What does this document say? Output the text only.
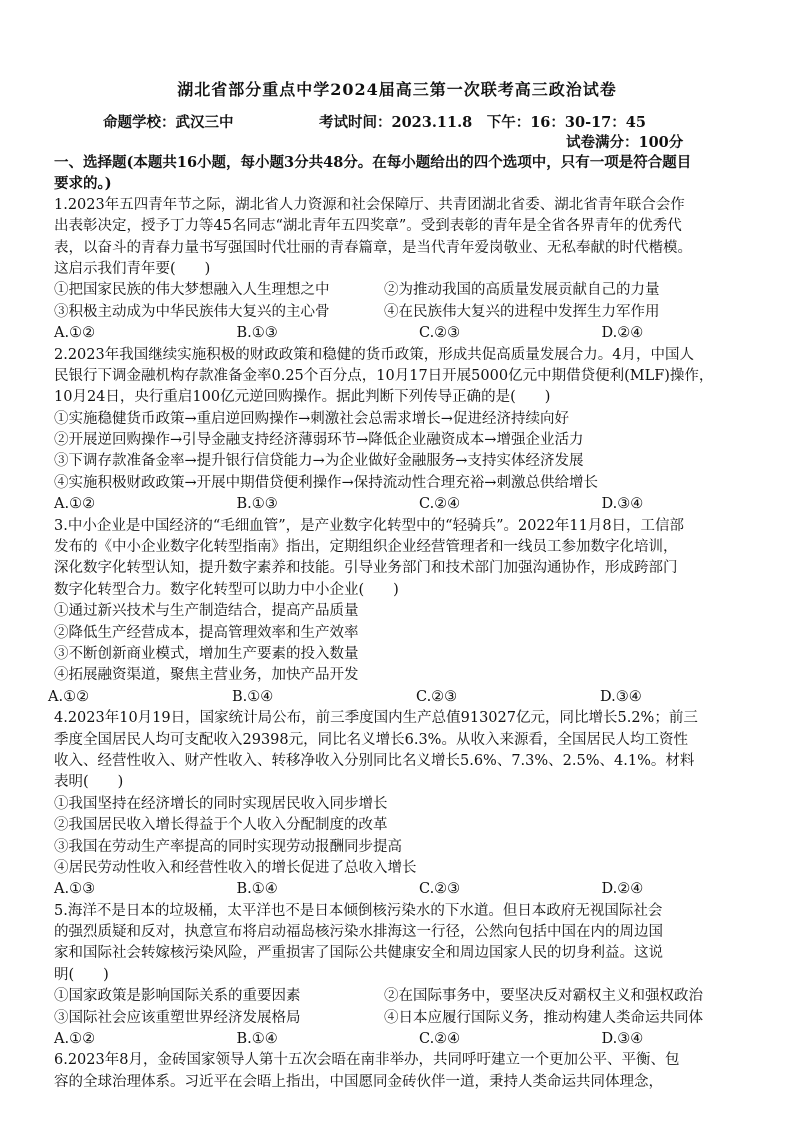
湖北省部分重点中学2024届高三第一次联考高三政治试卷
命题学校：武汉三中	考试时间：2023.11.8　下午：16：30-17：45
试卷满分：100分
一、选择题(本题共16小题，每小题3分共48分。在每小题给出的四个选项中，只有一项是符合题目
要求的。)
1.2023年五四青年节之际，湖北省人力资源和社会保障厅、共青团湖北省委、湖北省青年联合会作
出表彰决定，授予丁力等45名同志“湖北青年五四奖章”。受到表彰的青年是全省各界青年的优秀代
表，以奋斗的青春力量书写强国时代壮丽的青春篇章，是当代青年爱岗敬业、无私奉献的时代楷模。
这启示我们青年要(　　)
①把国家民族的伟大梦想融入人生理想之中	②为推动我国的高质量发展贡献自己的力量
③积极主动成为中华民族伟大复兴的主心骨	④在民族伟大复兴的进程中发挥生力军作用
A.①②	B.①③	C.②③	D.②④
2.2023年我国继续实施积极的财政政策和稳健的货币政策，形成共促高质量发展合力。4月，中国人
民银行下调金融机构存款准备金率0.25个百分点，10月17日开展5000亿元中期借贷便利(MLF)操作，
10月24日，央行重启100亿元逆回购操作。据此判断下列传导正确的是(　　)
①实施稳健货币政策→重启逆回购操作→刺激社会总需求增长→促进经济持续向好
②开展逆回购操作→引导金融支持经济薄弱环节→降低企业融资成本→增强企业活力
③下调存款准备金率→提升银行信贷能力→为企业做好金融服务→支持实体经济发展
④实施积极财政政策→开展中期借贷便利操作→保持流动性合理充裕→刺激总供给增长
A.①②	B.①③	C.②④	D.③④
3.中小企业是中国经济的“毛细血管”，是产业数字化转型中的“轻骑兵”。2022年11月8日，工信部
发布的《中小企业数字化转型指南》指出，定期组织企业经营管理者和一线员工参加数字化培训，
深化数字化转型认知，提升数字素养和技能。引导业务部门和技术部门加强沟通协作，形成跨部门
数字化转型合力。数字化转型可以助力中小企业(　　)
①通过新兴技术与生产制造结合，提高产品质量
②降低生产经营成本，提高管理效率和生产效率
③不断创新商业模式，增加生产要素的投入数量
④拓展融资渠道，聚焦主营业务，加快产品开发
A.①②	B.①④	C.②③	D.③④
4.2023年10月19日，国家统计局公布，前三季度国内生产总值913027亿元，同比增长5.2%；前三
季度全国居民人均可支配收入29398元，同比名义增长6.3%。从收入来源看，全国居民人均工资性
收入、经营性收入、财产性收入、转移净收入分别同比名义增长5.6%、7.3%、2.5%、4.1%。材料
表明(　　)
①我国坚持在经济增长的同时实现居民收入同步增长
②我国居民收入增长得益于个人收入分配制度的改革
③我国在劳动生产率提高的同时实现劳动报酬同步提高
④居民劳动性收入和经营性收入的增长促进了总收入增长
A.①③	B.①④	C.②③	D.②④
5.海洋不是日本的垃圾桶，太平洋也不是日本倾倒核污染水的下水道。但日本政府无视国际社会
的强烈质疑和反对，执意宣布将启动福岛核污染水排海这一行径，公然向包括中国在内的周边国
家和国际社会转嫁核污染风险，严重损害了国际公共健康安全和周边国家人民的切身利益。这说
明(　　)
①国家政策是影响国际关系的重要因素	②在国际事务中，要坚决反对霸权主义和强权政治
③国际社会应该重塑世界经济发展格局	④日本应履行国际义务，推动构建人类命运共同体
A.①②	B.①④	C.②④	D.③④
6.2023年8月，金砖国家领导人第十五次会晤在南非举办，共同呼吁建立一个更加公平、平衡、包
容的全球治理体系。习近平在会晤上指出，中国愿同金砖伙伴一道，秉持人类命运共同体理念，
